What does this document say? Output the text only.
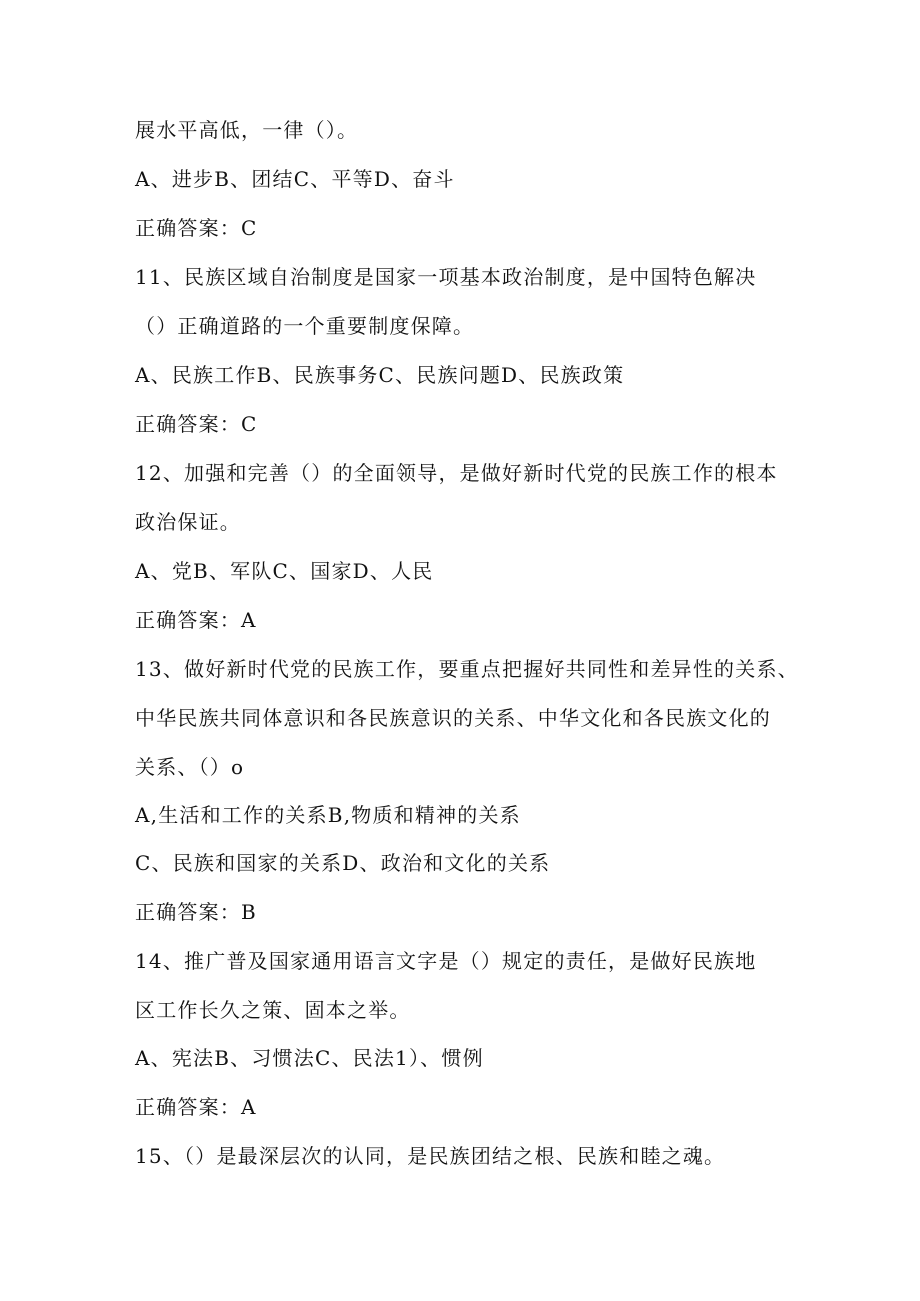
展水平高低，一律（）。
A、进步B、团结C、平等D、奋斗
正确答案：C
11、民族区域自治制度是国家一项基本政治制度，是中国特色解决
（）正确道路的一个重要制度保障。
A、民族工作B、民族事务C、民族问题D、民族政策
正确答案：C
12、加强和完善（）的全面领导，是做好新时代党的民族工作的根本
政治保证。
A、党B、军队C、国家D、人民
正确答案：A
13、做好新时代党的民族工作，要重点把握好共同性和差异性的关系、
中华民族共同体意识和各民族意识的关系、中华文化和各民族文化的
关系、（）o
A,生活和工作的关系B,物质和精神的关系
C、民族和国家的关系D、政治和文化的关系
正确答案：B
14、推广普及国家通用语言文字是（）规定的责任，是做好民族地
区工作长久之策、固本之举。
A、宪法B、习惯法C、民法1）、惯例
正确答案：A
15、（）是最深层次的认同，是民族团结之根、民族和睦之魂。
